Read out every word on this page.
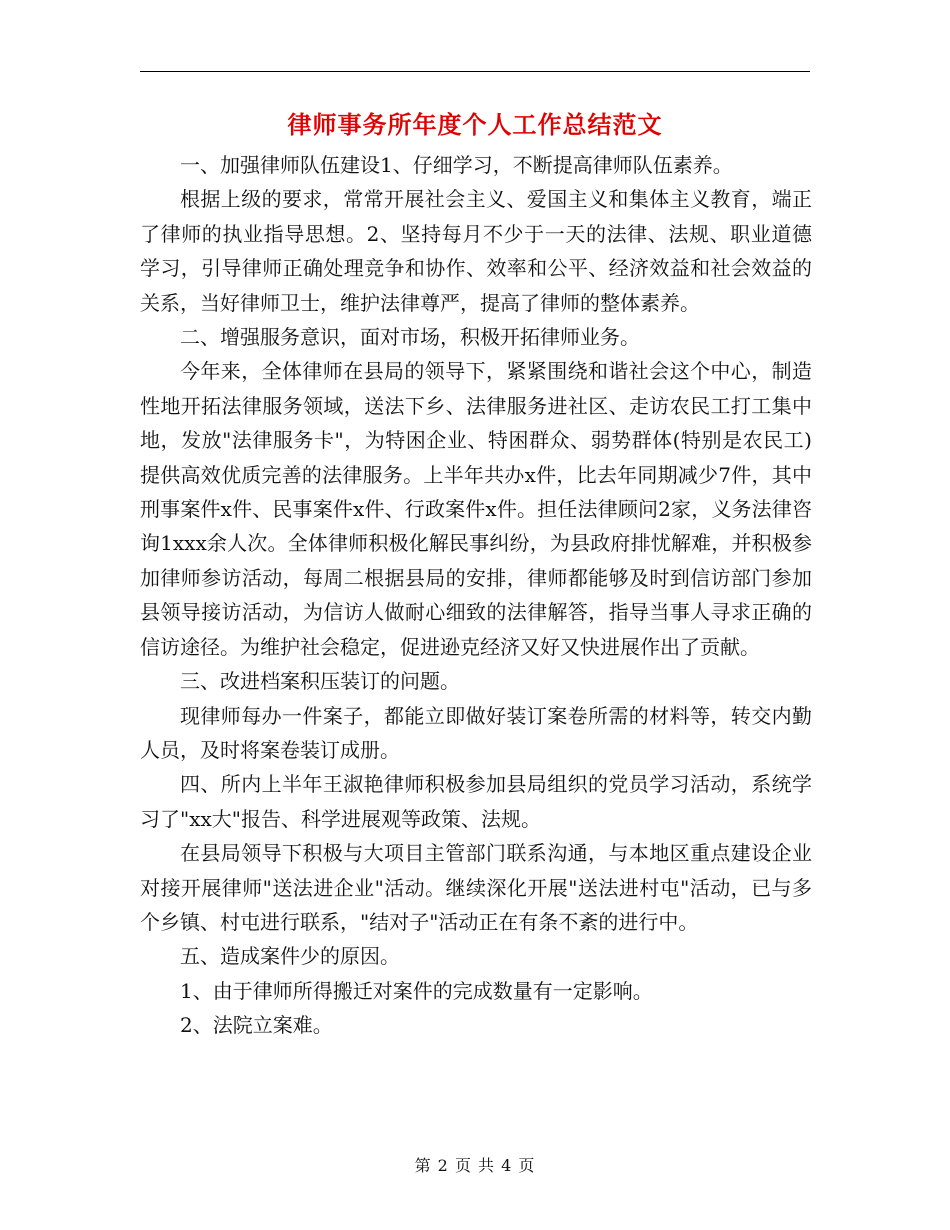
律师事务所年度个人工作总结范文

一、加强律师队伍建设1、仔细学习，不断提高律师队伍素养。

根据上级的要求，常常开展社会主义、爱国主义和集体主义教育，端正了律师的执业指导思想。2、坚持每月不少于一天的法律、法规、职业道德学习，引导律师正确处理竞争和协作、效率和公平、经济效益和社会效益的关系，当好律师卫士，维护法律尊严，提高了律师的整体素养。

二、增强服务意识，面对市场，积极开拓律师业务。

今年来，全体律师在县局的领导下，紧紧围绕和谐社会这个中心，制造性地开拓法律服务领域，送法下乡、法律服务进社区、走访农民工打工集中地，发放"法律服务卡"，为特困企业、特困群众、弱势群体(特别是农民工)提供高效优质完善的法律服务。上半年共办x件，比去年同期减少7件，其中刑事案件x件、民事案件x件、行政案件x件。担任法律顾问2家，义务法律咨询1xxx余人次。全体律师积极化解民事纠纷，为县政府排忧解难，并积极参加律师参访活动，每周二根据县局的安排，律师都能够及时到信访部门参加县领导接访活动，为信访人做耐心细致的法律解答，指导当事人寻求正确的信访途径。为维护社会稳定，促进逊克经济又好又快进展作出了贡献。

三、改进档案积压装订的问题。

现律师每办一件案子，都能立即做好装订案卷所需的材料等，转交内勤人员，及时将案卷装订成册。

四、所内上半年王淑艳律师积极参加县局组织的党员学习活动，系统学习了"xx大"报告、科学进展观等政策、法规。

在县局领导下积极与大项目主管部门联系沟通，与本地区重点建设企业对接开展律师"送法进企业"活动。继续深化开展"送法进村屯"活动，已与多个乡镇、村屯进行联系，"结对子"活动正在有条不紊的进行中。

五、造成案件少的原因。

1、由于律师所得搬迁对案件的完成数量有一定影响。

2、法院立案难。

第 2 页 共 4 页
